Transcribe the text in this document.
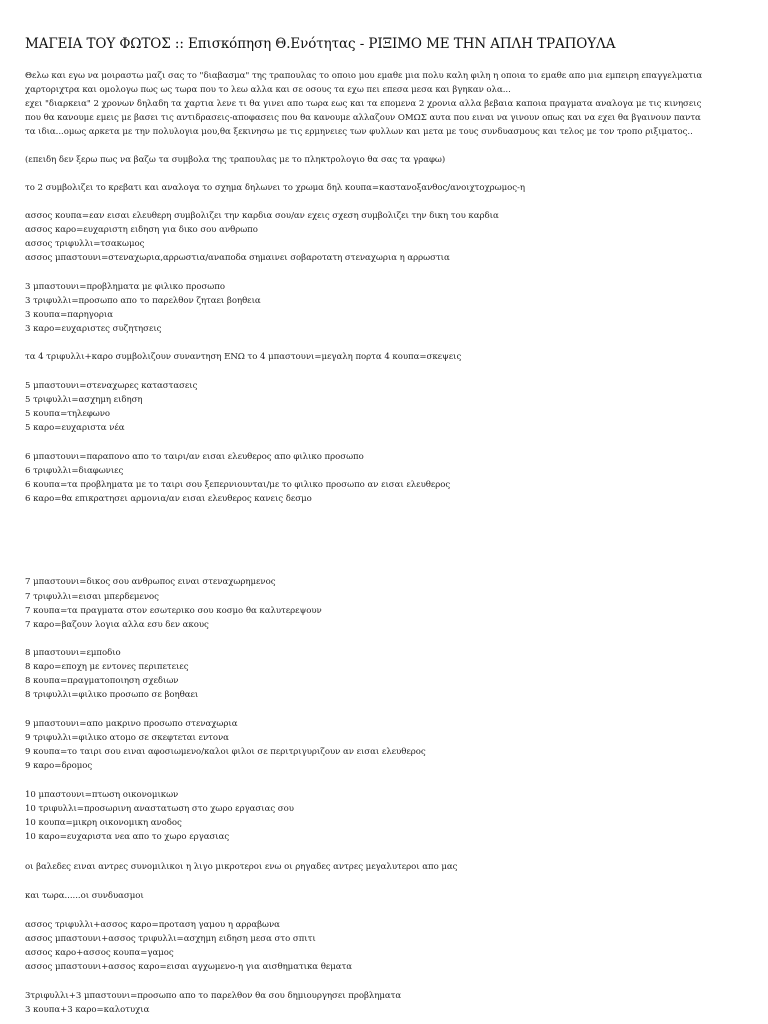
ΜΑΓΕΙΑ ΤΟΥ ΦΩΤΟΣ :: Επισκόπηση Θ.Ενότητας - ΡΙΞΙΜΟ ΜΕ ΤΗΝ ΑΠΛΗ ΤΡΑΠΟΥΛΑ
Θελω και εγω να μοιραστω μαζι σας το "διαβασμα" της τραπουλας το οποιο μου εμαθε μια πολυ καλη φιλη η οποια το εμαθε απο μια εμπειρη επαγγελματια
χαρτοριχτρα και ομολογω πως ως τωρα που το λεω αλλα και σε οσους τα εχω πει επεσα μεσα και βγηκαν ολα...
εχει "διαρκεια" 2 χρονων δηλαδη τα χαρτια λενε τι θα γινει απο τωρα εως και τα επομενα 2 χρονια αλλα βεβαια καποια πραγματα αναλογα με τις κινησεις
που θα κανουμε εμεις με βασει τις αντιδρασεις-αποφασεις που θα κανουμε αλλαζουν ΟΜΩΣ αυτα που ειναι να γινουν οπως και να εχει θα βγαινουν παντα
τα ιδια...ομως αρκετα με την πολυλογια μου,θα ξεκινησω με τις ερμηνειες των φυλλων και μετα με τους συνδυασμους και τελος με τον τροπο ριξιματος..
(επειδη δεν ξερω πως να βαζω τα συμβολα της τραπουλας με το πληκτρολογιο θα σας τα γραφω)
το 2 συμβολιζει το κρεβατι και αναλογα το σχημα δηλωνει το χρωμα δηλ κουπα=καστανοξανθος/ανοιχτοχρωμος-η
ασσος κουπα=εαν εισαι ελευθερη συμβολιζει την καρδια σου/αν εχεις σχεση συμβολιζει την δικη του καρδια
ασσος καρο=ευχαριστη ειδηση για δικο σου ανθρωπο
ασσος τριφυλλι=τσακωμος
ασσος μπαστουνι=στεναχωρια,αρρωστια/αναποδα σημαινει σοβαροτατη στεναχωρια η αρρωστια
3 μπαστουνι=προβληματα με φιλικο προσωπο
3 τριφυλλι=προσωπο απο το παρελθον ζηταει βοηθεια
3 κουπα=παρηγορια
3 καρο=ευχαριστες συζητησεις
τα 4 τριφυλλι+καρο συμβολιζουν συναντηση ΕΝΩ το 4 μπαστουνι=μεγαλη πορτα 4 κουπα=σκεψεις
5 μπαστουνι=στεναχωρες καταστασεις
5 τριφυλλι=ασχημη ειδηση
5 κουπα=τηλεφωνο
5 καρο=ευχαριστα νέα
6 μπαστουνι=παραπονο απο το ταιρι/αν εισαι ελευθερος απο φιλικο προσωπο
6 τριφυλλι=διαφωνιες
6 κουπα=τα προβληματα με το ταιρι σου ξεπερνιουνται/με το φιλικο προσωπο αν εισαι ελευθερος
6 καρο=θα επικρατησει αρμονια/αν εισαι ελευθερος κανεις δεσμο
7 μπαστουνι=δικος σου ανθρωπος ειναι στεναχωρημενος
7 τριφυλλι=εισαι μπερδεμενος
7 κουπα=τα πραγματα στον εσωτερικο σου κοσμο θα καλυτερεψουν
7 καρο=βαζουν λογια αλλα εσυ δεν ακους
8 μπαστουνι=εμποδιο
8 καρο=εποχη με εντονες περιπετειες
8 κουπα=πραγματοποιηση σχεδιων
8 τριφυλλι=φιλικο προσωπο σε βοηθαει
9 μπαστουνι=απο μακρινο προσωπο στεναχωρια
9 τριφυλλι=φιλικο ατομο σε σκεφτεται εντονα
9 κουπα=το ταιρι σου ειναι αφοσιωμενο/καλοι φιλοι σε περιτριγυριζουν αν εισαι ελευθερος
9 καρο=δρομος
10 μπαστουνι=πτωση οικονομικων
10 τριφυλλι=προσωρινη αναστατωση στο χωρο εργασιας σου
10 κουπα=μικρη οικονομικη ανοδος
10 καρο=ευχαριστα νεα απο το χωρο εργασιας
οι βαλεδες ειναι αντρες συνομιλικοι η λιγο μικροτεροι ενω οι ρηγαδες αντρες μεγαλυτεροι απο μας
και τωρα......οι συνδυασμοι
ασσος τριφυλλι+ασσος καρο=προταση γαμου η αρραβωνα
ασσος μπαστουνι+ασσος τριφυλλι=ασχημη ειδηση μεσα στο σπιτι
ασσος καρο+ασσος κουπα=γαμος
ασσος μπαστουνι+ασσος καρο=εισαι αγχωμενο-η για αισθηματικα θεματα
3τριφυλλι+3 μπαστουνι=προσωπο απο το παρελθον θα σου δημιουργησει προβληματα
3 κουπα+3 καρο=καλοτυχια
